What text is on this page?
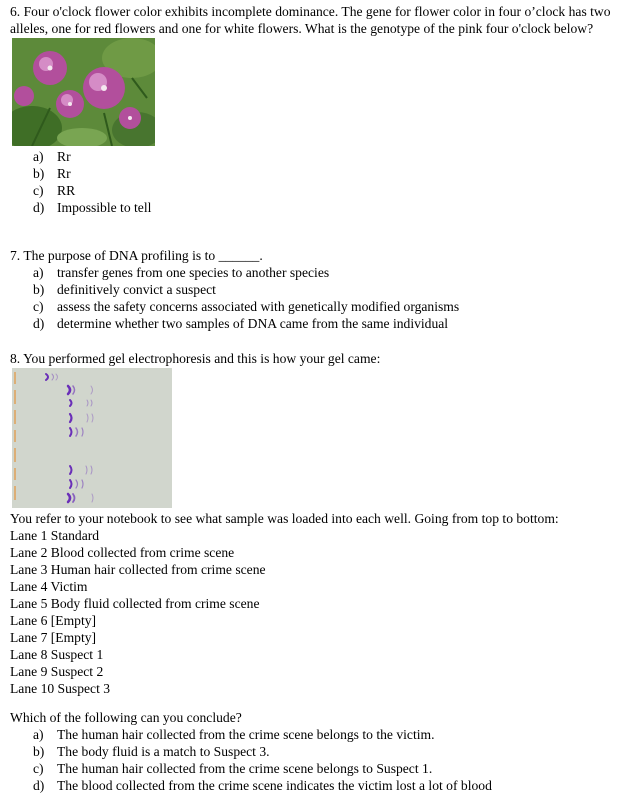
6. Four o'clock flower color exhibits incomplete dominance. The gene for flower color in four o’clock has two alleles, one for red flowers and one for white flowers. What is the genotype of the pink four o'clock below?

a) Rr
b) Rr
c) RR
d) Impossible to tell

7. The purpose of DNA profiling is to ______.

a) transfer genes from one species to another species
b) definitively convict a suspect
c) assess the safety concerns associated with genetically modified organisms
d) determine whether two samples of DNA came from the same individual

8. You performed gel electrophoresis and this is how your gel came:

You refer to your notebook to see what sample was loaded into each well. Going from top to bottom:

Lane 1 Standard
Lane 2 Blood collected from crime scene
Lane 3 Human hair collected from crime scene
Lane 4 Victim
Lane 5 Body fluid collected from crime scene
Lane 6 [Empty]
Lane 7 [Empty]
Lane 8 Suspect 1
Lane 9 Suspect 2
Lane 10 Suspect 3

Which of the following can you conclude?

a) The human hair collected from the crime scene belongs to the victim.
b) The body fluid is a match to Suspect 3.
c) The human hair collected from the crime scene belongs to Suspect 1.
d) The blood collected from the crime scene indicates the victim lost a lot of blood
